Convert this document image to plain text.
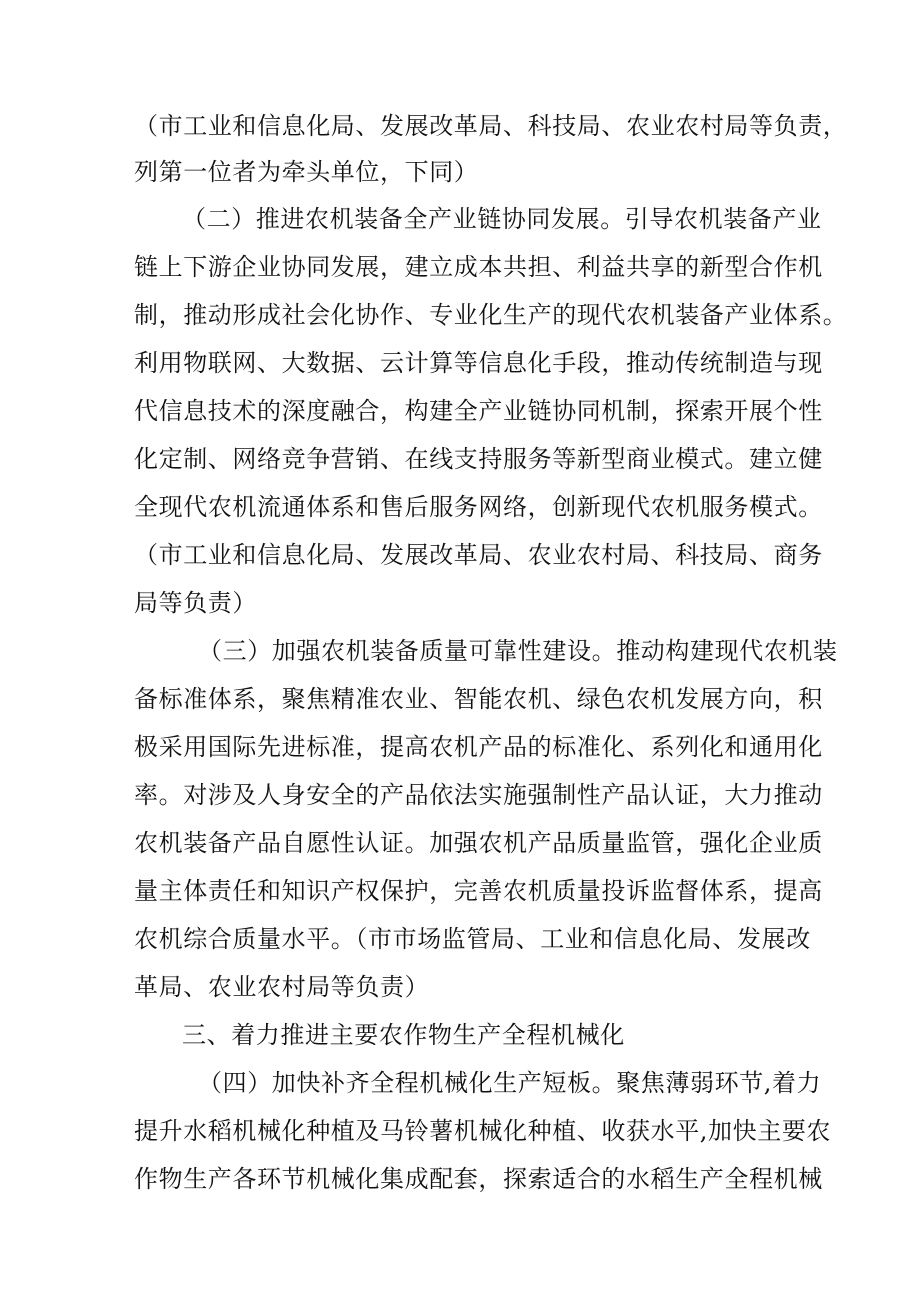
（市工业和信息化局、发展改革局、科技局、农业农村局等负责，
列第一位者为牵头单位，下同）
（二）推进农机装备全产业链协同发展。引导农机装备产业
链上下游企业协同发展，建立成本共担、利益共享的新型合作机
制，推动形成社会化协作、专业化生产的现代农机装备产业体系。
利用物联网、大数据、云计算等信息化手段，推动传统制造与现
代信息技术的深度融合，构建全产业链协同机制，探索开展个性
化定制、网络竞争营销、在线支持服务等新型商业模式。建立健
全现代农机流通体系和售后服务网络，创新现代农机服务模式。
（市工业和信息化局、发展改革局、农业农村局、科技局、商务
局等负责）
（三）加强农机装备质量可靠性建设。推动构建现代农机装
备标准体系，聚焦精准农业、智能农机、绿色农机发展方向，积
极采用国际先进标准，提高农机产品的标准化、系列化和通用化
率。对涉及人身安全的产品依法实施强制性产品认证，大力推动
农机装备产品自愿性认证。加强农机产品质量监管，强化企业质
量主体责任和知识产权保护，完善农机质量投诉监督体系，提高
农机综合质量水平。（市市场监管局、工业和信息化局、发展改
革局、农业农村局等负责）
三、着力推进主要农作物生产全程机械化
（四）加快补齐全程机械化生产短板。聚焦薄弱环节,着力
提升水稻机械化种植及马铃薯机械化种植、收获水平,加快主要农
作物生产各环节机械化集成配套，探索适合的水稻生产全程机械
